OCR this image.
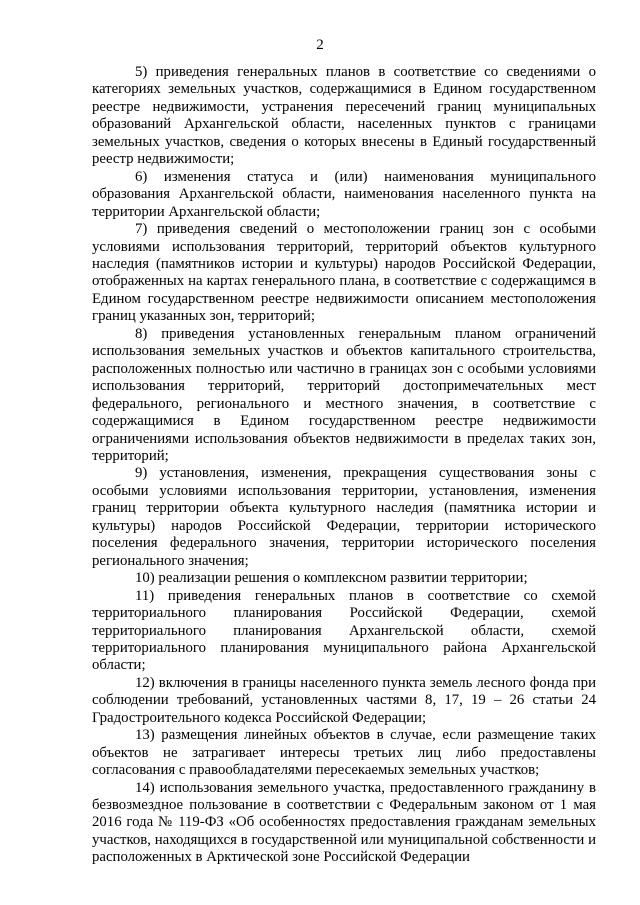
2

5) приведения генеральных планов в соответствие со сведениями о категориях земельных участков, содержащимися в Едином государственном реестре недвижимости, устранения пересечений границ муниципальных образований Архангельской области, населенных пунктов с границами земельных участков, сведения о которых внесены в Единый государственный реестр недвижимости;

6) изменения статуса и (или) наименования муниципального образования Архангельской области, наименования населенного пункта на территории Архангельской области;

7) приведения сведений о местоположении границ зон с особыми условиями использования территорий, территорий объектов культурного наследия (памятников истории и культуры) народов Российской Федерации, отображенных на картах генерального плана, в соответствие с содержащимся в Едином государственном реестре недвижимости описанием местоположения границ указанных зон, территорий;

8) приведения установленных генеральным планом ограничений использования земельных участков и объектов капитального строительства, расположенных полностью или частично в границах зон с особыми условиями использования территорий, территорий достопримечательных мест федерального, регионального и местного значения, в соответствие с содержащимися в Едином государственном реестре недвижимости ограничениями использования объектов недвижимости в пределах таких зон, территорий;

9) установления, изменения, прекращения существования зоны с особыми условиями использования территории, установления, изменения границ территории объекта культурного наследия (памятника истории и культуры) народов Российской Федерации, территории исторического поселения федерального значения, территории исторического поселения регионального значения;

10) реализации решения о комплексном развитии территории;

11) приведения генеральных планов в соответствие со схемой территориального планирования Российской Федерации, схемой территориального планирования Архангельской области, схемой территориального планирования муниципального района Архангельской области;

12) включения в границы населенного пункта земель лесного фонда при соблюдении требований, установленных частями 8, 17, 19 – 26 статьи 24 Градостроительного кодекса Российской Федерации;

13) размещения линейных объектов в случае, если размещение таких объектов не затрагивает интересы третьих лиц либо предоставлены согласования с правообладателями пересекаемых земельных участков;

14) использования земельного участка, предоставленного гражданину в безвозмездное пользование в соответствии с Федеральным законом от 1 мая 2016 года № 119-ФЗ «Об особенностях предоставления гражданам земельных участков, находящихся в государственной или муниципальной собственности и расположенных в Арктической зоне Российской Федерации
